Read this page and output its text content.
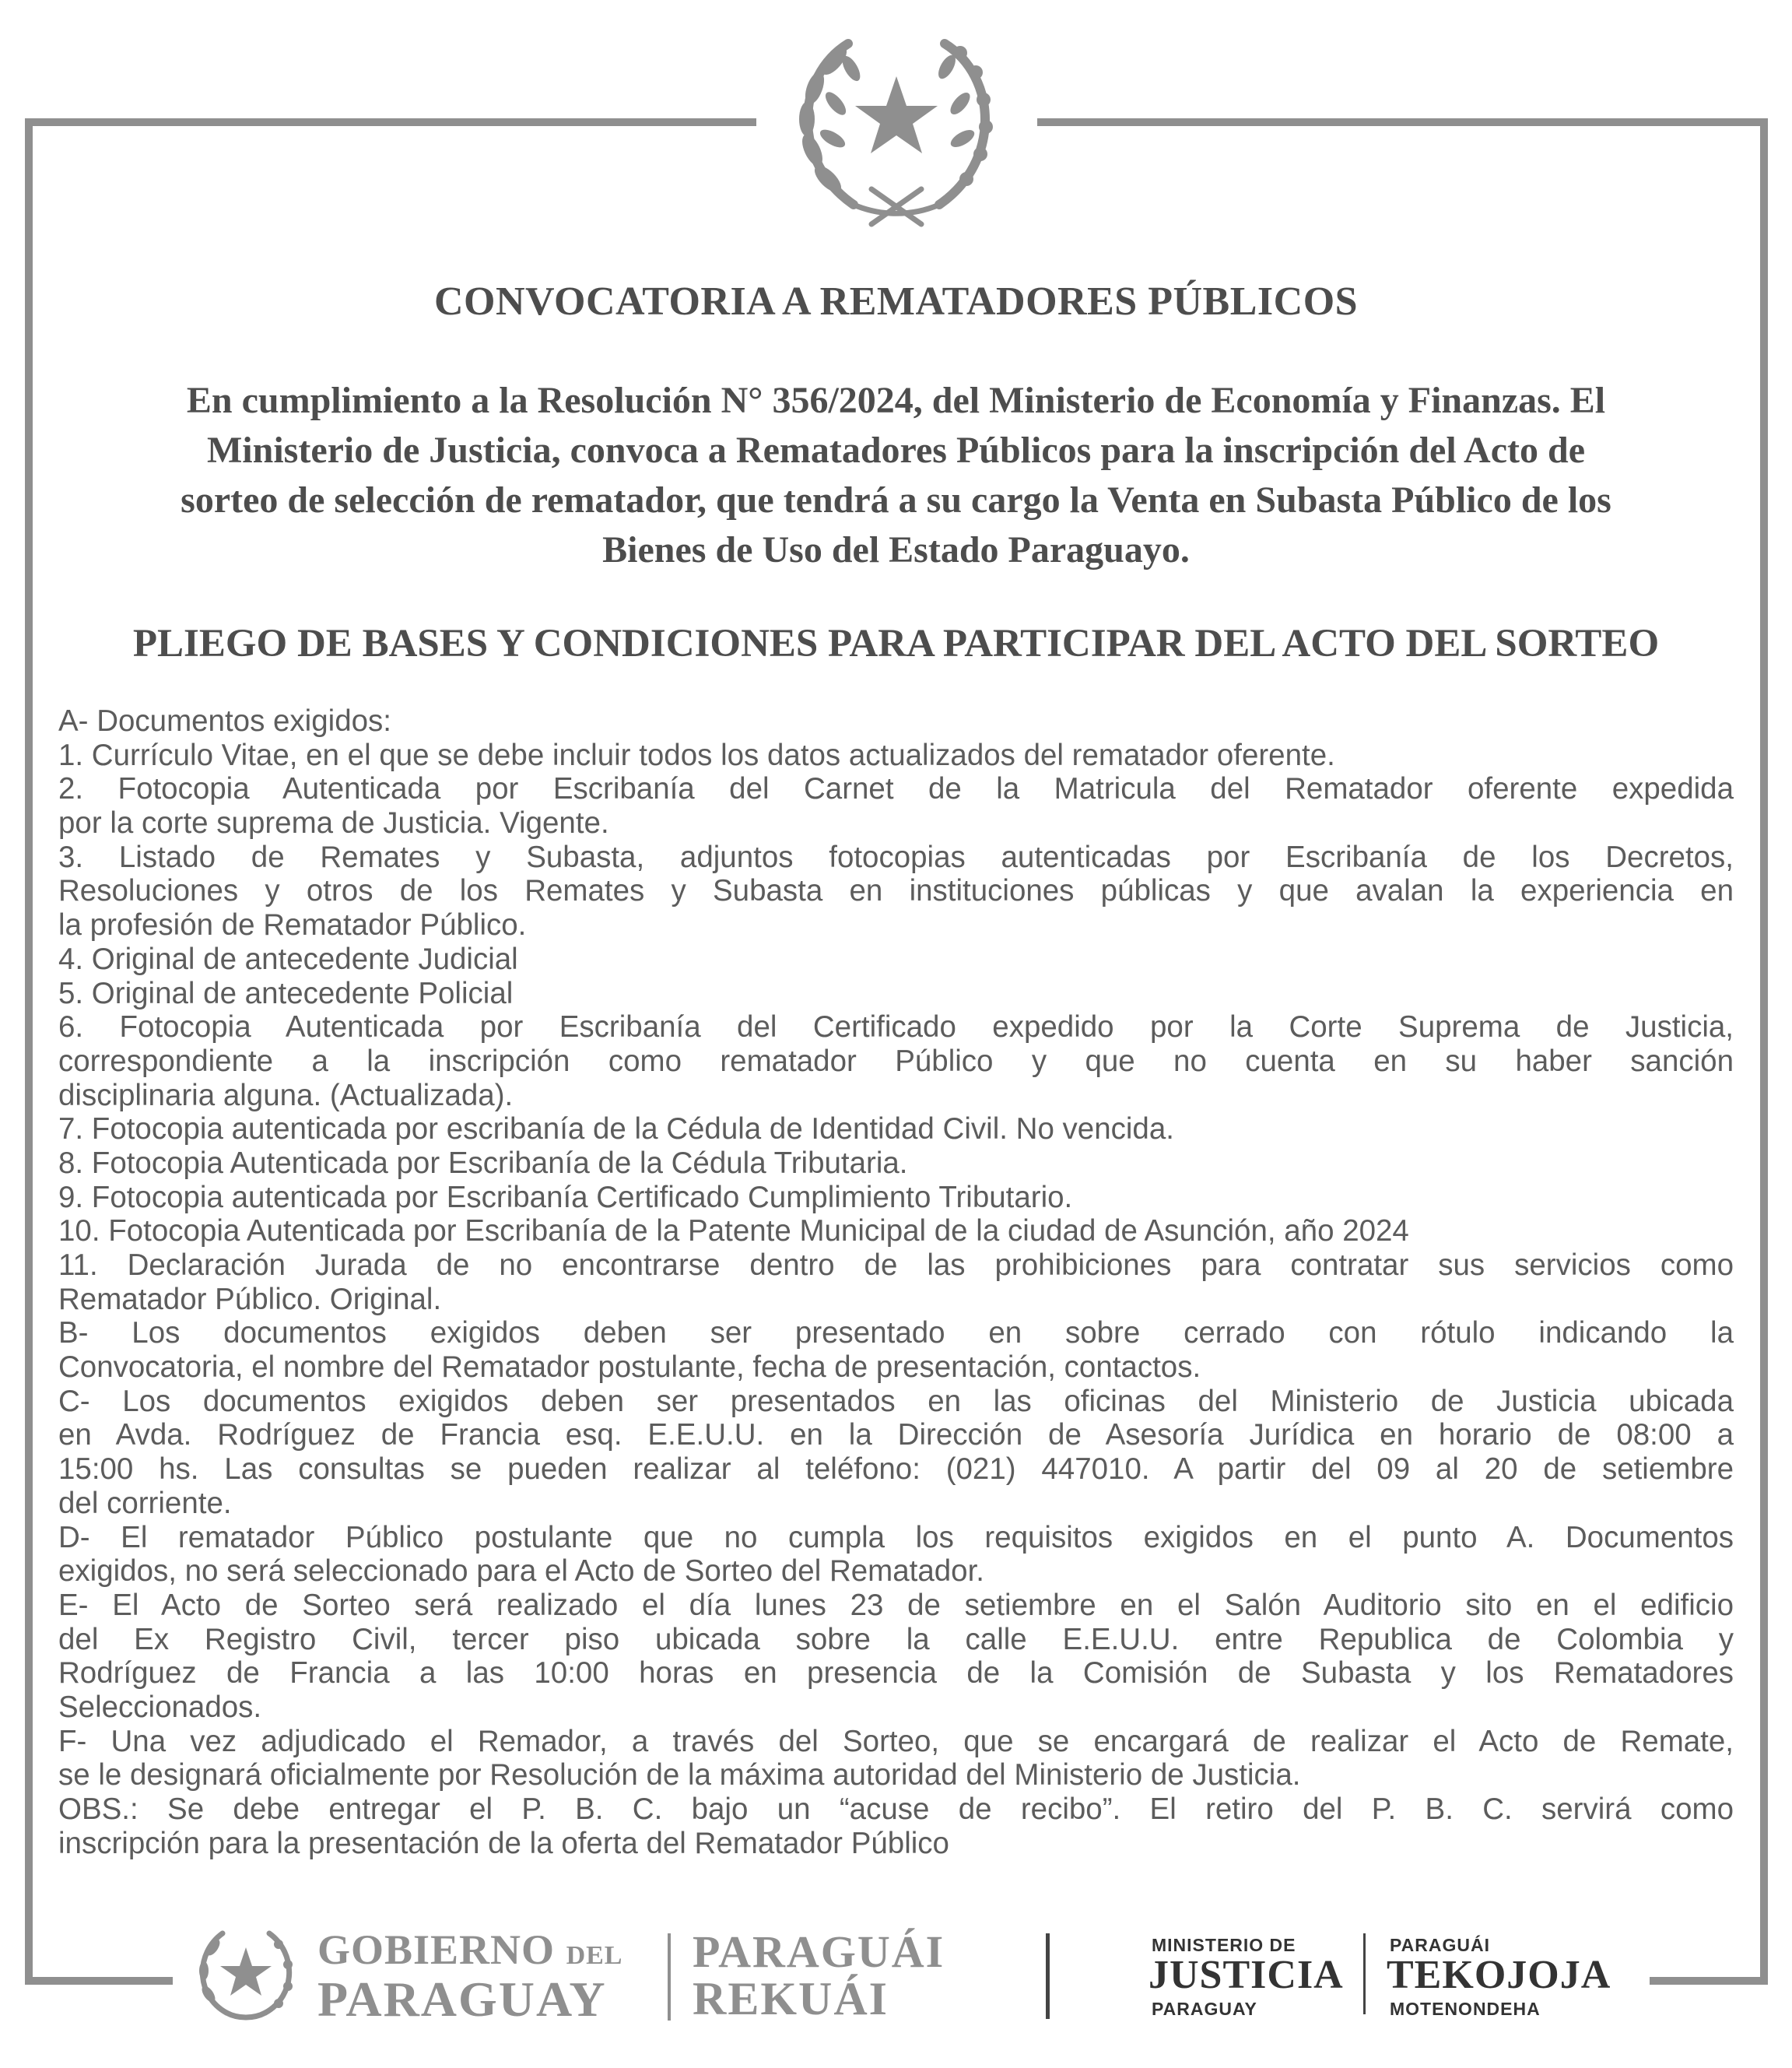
CONVOCATORIA A REMATADORES PÚBLICOS

En cumplimiento a la Resolución N° 356/2024, del Ministerio de Economía y Finanzas. El Ministerio de Justicia, convoca a Rematadores Públicos para la inscripción del Acto de sorteo de selección de rematador, que tendrá a su cargo la Venta en Subasta Público de los Bienes de Uso del Estado Paraguayo.

PLIEGO DE BASES Y CONDICIONES PARA PARTICIPAR DEL ACTO DEL SORTEO
A- Documentos exigidos:
1. Currículo Vitae, en el que se debe incluir todos los datos actualizados del rematador oferente.
2. Fotocopia Autenticada por Escribanía del Carnet de la Matricula del Rematador oferente expedida
por la corte suprema de Justicia. Vigente.
3. Listado de Remates y Subasta, adjuntos fotocopias autenticadas por Escribanía de los Decretos,
Resoluciones y otros de los Remates y Subasta en instituciones públicas y que avalan la experiencia en
la profesión de Rematador Público.
4. Original de antecedente Judicial
5. Original de antecedente Policial
6. Fotocopia Autenticada por Escribanía del Certificado expedido por la Corte Suprema de Justicia,
correspondiente a la inscripción como rematador Público y que no cuenta en su haber sanción
disciplinaria alguna. (Actualizada).
7. Fotocopia autenticada por escribanía de la Cédula de Identidad Civil. No vencida.
8. Fotocopia Autenticada por Escribanía de la Cédula Tributaria.
9. Fotocopia autenticada por Escribanía Certificado Cumplimiento Tributario.
10. Fotocopia Autenticada por Escribanía de la Patente Municipal de la ciudad de Asunción, año 2024
11. Declaración Jurada de no encontrarse dentro de las prohibiciones para contratar sus servicios como
Rematador Público. Original.
B- Los documentos exigidos deben ser presentado en sobre cerrado con rótulo indicando la
Convocatoria, el nombre del Rematador postulante, fecha de presentación, contactos.
C- Los documentos exigidos deben ser presentados en las oficinas del Ministerio de Justicia ubicada
en Avda. Rodríguez de Francia esq. E.E.U.U. en la Dirección de Asesoría Jurídica en horario de 08:00 a
15:00 hs. Las consultas se pueden realizar al teléfono: (021) 447010. A partir del 09 al 20 de setiembre
del corriente.
D- El rematador Público postulante que no cumpla los requisitos exigidos en el punto A. Documentos
exigidos, no será seleccionado para el Acto de Sorteo del Rematador.
E- El Acto de Sorteo será realizado el día lunes 23 de setiembre en el Salón Auditorio sito en el edificio
del Ex Registro Civil, tercer piso ubicada sobre la calle E.E.U.U. entre Republica de Colombia y
Rodríguez de Francia a las 10:00 horas en presencia de la Comisión de Subasta y los Rematadores
Seleccionados.
F- Una vez adjudicado el Remador, a través del Sorteo, que se encargará de realizar el Acto de Remate,
se le designará oficialmente por Resolución de la máxima autoridad del Ministerio de Justicia.
OBS.: Se debe entregar el P. B. C. bajo un “acuse de recibo”. El retiro del P. B. C. servirá como
inscripción para la presentación de la oferta del Rematador Público
GOBIERNO DEL
PARAGUAY
PARAGUÁI
REKUÁI
MINISTERIO DE
JUSTICIA
PARAGUAY
PARAGUÁI
TEKOJOJA
MOTENONDEHA
